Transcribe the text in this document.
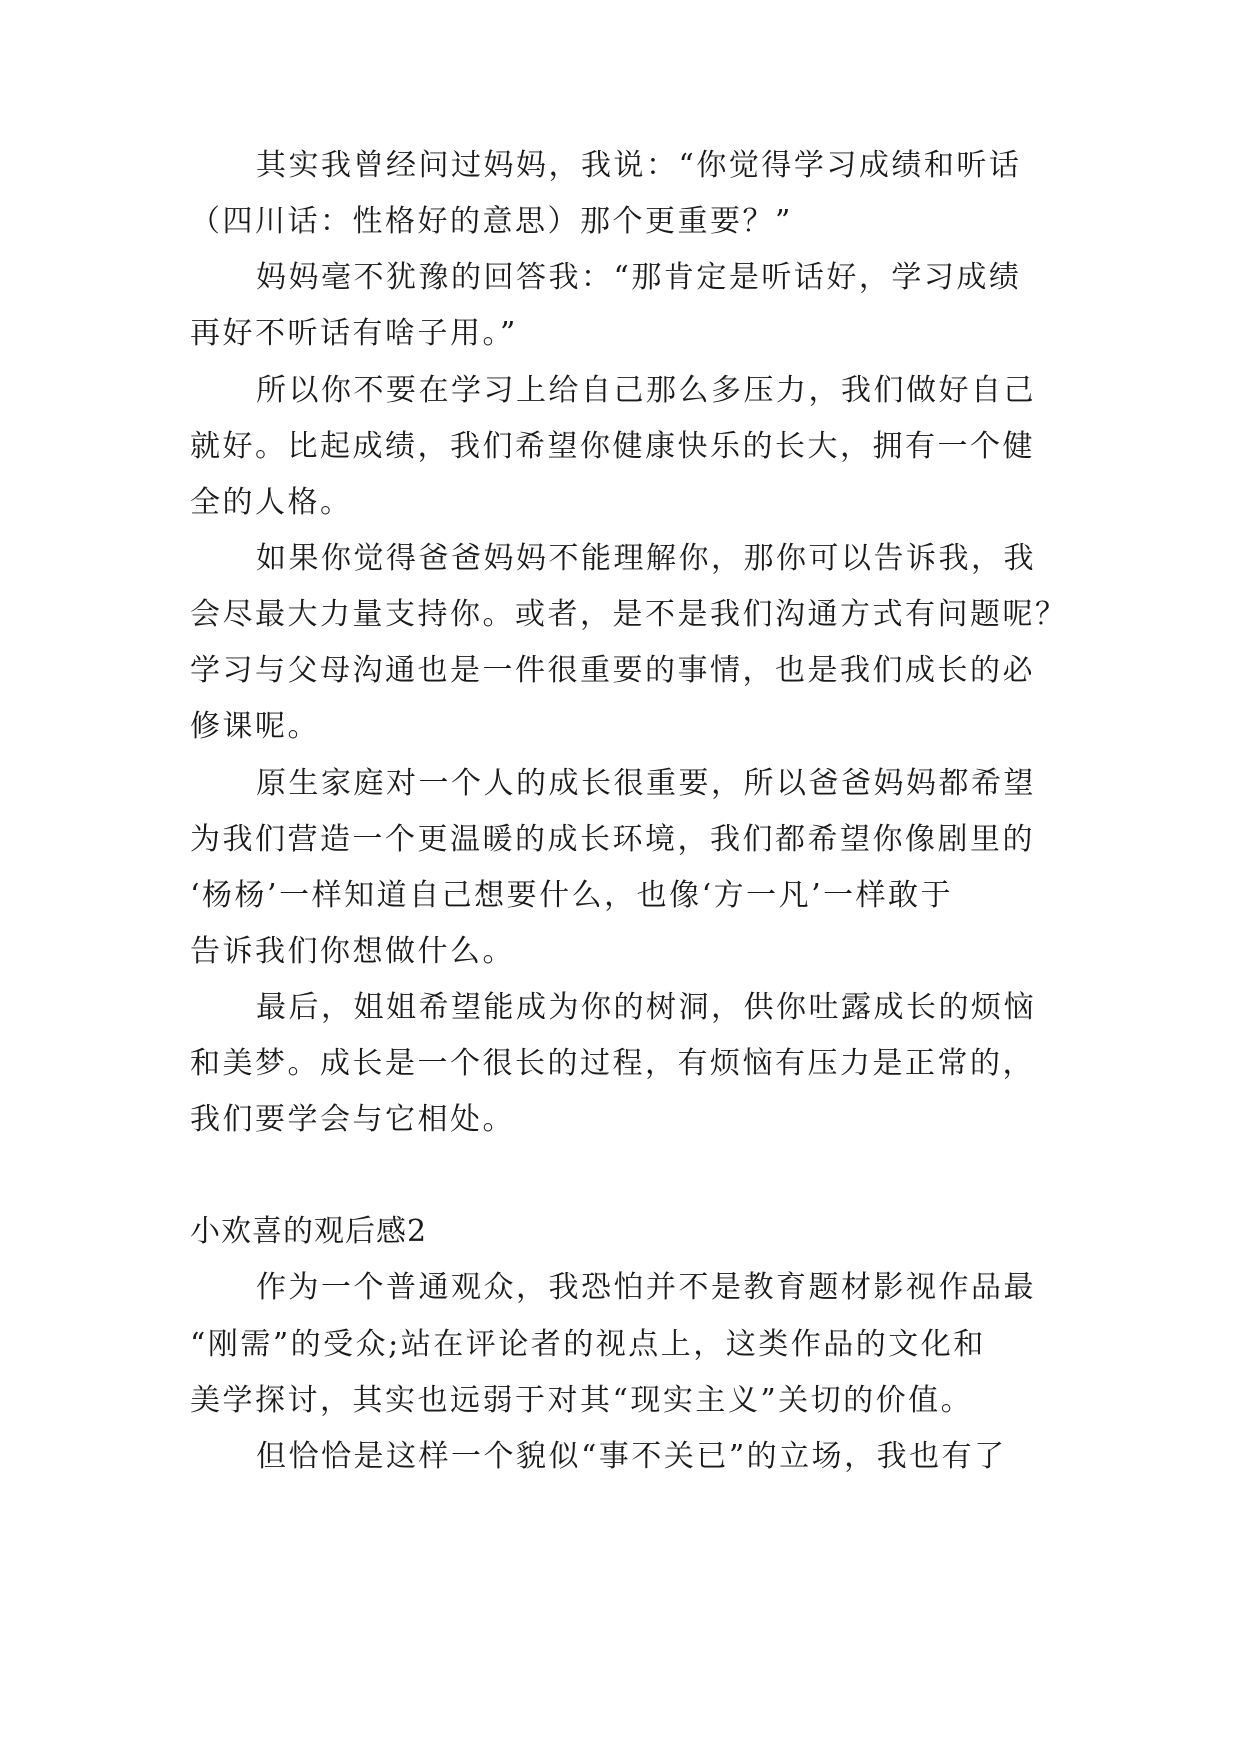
其实我曾经问过妈妈，我说：“你觉得学习成绩和听话
（四川话：性格好的意思）那个更重要？”
妈妈毫不犹豫的回答我：“那肯定是听话好，学习成绩
再好不听话有啥子用。”
所以你不要在学习上给自己那么多压力，我们做好自己
就好。比起成绩，我们希望你健康快乐的长大，拥有一个健
全的人格。
如果你觉得爸爸妈妈不能理解你，那你可以告诉我，我
会尽最大力量支持你。或者，是不是我们沟通方式有问题呢？
学习与父母沟通也是一件很重要的事情，也是我们成长的必
修课呢。
原生家庭对一个人的成长很重要，所以爸爸妈妈都希望
为我们营造一个更温暖的成长环境，我们都希望你像剧里的
‘杨杨’一样知道自己想要什么，也像‘方一凡’一样敢于
告诉我们你想做什么。
最后，姐姐希望能成为你的树洞，供你吐露成长的烦恼
和美梦。成长是一个很长的过程，有烦恼有压力是正常的，
我们要学会与它相处。
小欢喜的观后感2
作为一个普通观众，我恐怕并不是教育题材影视作品最
“刚需”的受众;站在评论者的视点上，这类作品的文化和
美学探讨，其实也远弱于对其“现实主义”关切的价值。
但恰恰是这样一个貌似“事不关已”的立场，我也有了
